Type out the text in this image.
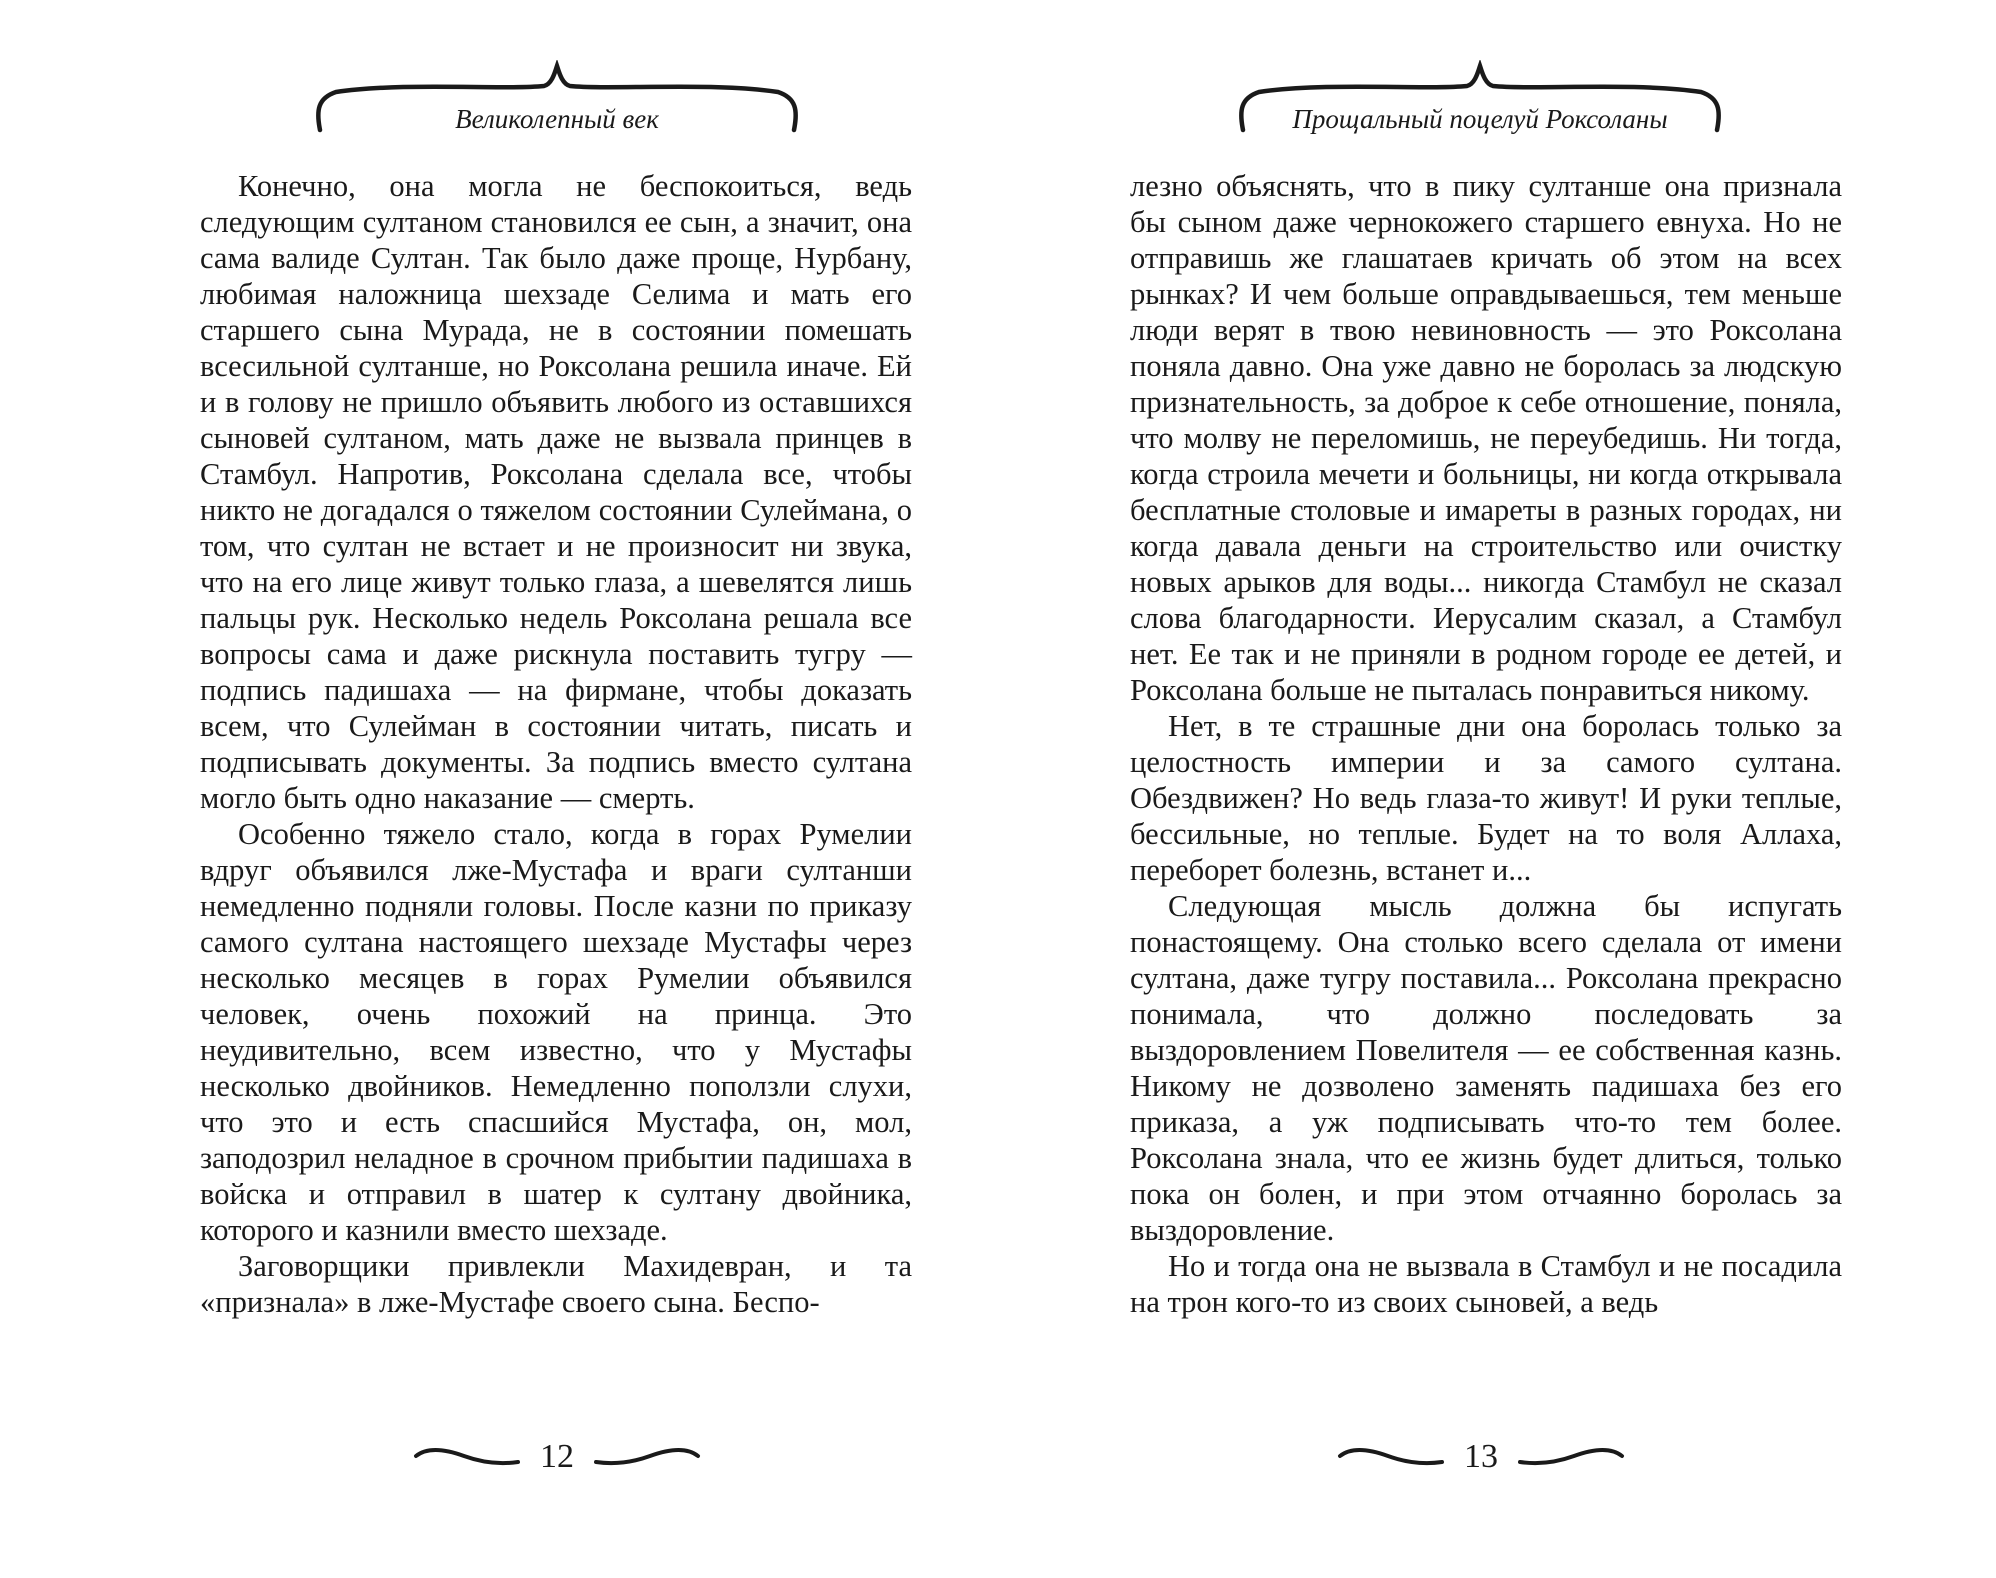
Великолепный век

Конечно, она могла не беспокоиться, ведь следующим султаном становился ее сын, а значит, она сама валиде Султан. Так было даже проще, Нурбану, любимая наложница шехзаде Селима и мать его старшего сына Мурада, не в состоянии помешать всесильной султанше, но Роксолана решила иначе. Ей и в голову не пришло объявить любого из оставшихся сыновей султаном, мать даже не вызвала принцев в Стамбул. Напротив, Роксолана сделала все, чтобы никто не догадался о тяжелом состоянии Сулеймана, о том, что султан не встает и не произносит ни звука, что на его лице живут только глаза, а шевелятся лишь пальцы рук. Несколько недель Роксолана решала все вопросы сама и даже рискнула поставить тугру — подпись падишаха — на фирмане, чтобы доказать всем, что Сулейман в состоянии читать, писать и подписывать документы. За подпись вместо султана могло быть одно наказание — смерть.

Особенно тяжело стало, когда в горах Румелии вдруг объявился лже-Мустафа и враги султанши немедленно подняли головы. После казни по приказу самого султана настоящего шехзаде Мустафы через несколько месяцев в горах Румелии объявился человек, очень похожий на принца. Это неудивительно, всем известно, что у Мустафы несколько двойников. Немедленно поползли слухи, что это и есть спасшийся Мустафа, он, мол, заподозрил неладное в срочном прибытии падишаха в войска и отправил в шатер к султану двойника, которого и казнили вместо шехзаде.

Заговорщики привлекли Махидевран, и та «признала» в лже-Мустафе своего сына. Беспо-

12
Прощальный поцелуй Роксоланы

лезно объяснять, что в пику султанше она признала бы сыном даже чернокожего старшего евнуха. Но не отправишь же глашатаев кричать об этом на всех рынках? И чем больше оправдываешься, тем меньше люди верят в твою невиновность — это Роксолана поняла давно. Она уже давно не боролась за людскую признательность, за доброе к себе отношение, поняла, что молву не переломишь, не переубедишь. Ни тогда, когда строила мечети и больницы, ни когда открывала бесплатные столовые и имареты в разных городах, ни когда давала деньги на строительство или очистку новых арыков для воды... никогда Стамбул не сказал слова благодарности. Иерусалим сказал, а Стамбул нет. Ее так и не приняли в родном городе ее детей, и Роксолана больше не пыталась понравиться никому.

Нет, в те страшные дни она боролась только за целостность империи и за самого султана. Обездвижен? Но ведь глаза-то живут! И руки теплые, бессильные, но теплые. Будет на то воля Аллаха, переборет болезнь, встанет и...

Следующая мысль должна бы испугать понастоящему. Она столько всего сделала от имени султана, даже тугру поставила... Роксолана прекрасно понимала, что должно последовать за выздоровлением Повелителя — ее собственная казнь. Никому не дозволено заменять падишаха без его приказа, а уж подписывать что-то тем более. Роксолана знала, что ее жизнь будет длиться, только пока он болен, и при этом отчаянно боролась за выздоровление.

Но и тогда она не вызвала в Стамбул и не посадила на трон кого-то из своих сыновей, а ведь

13
